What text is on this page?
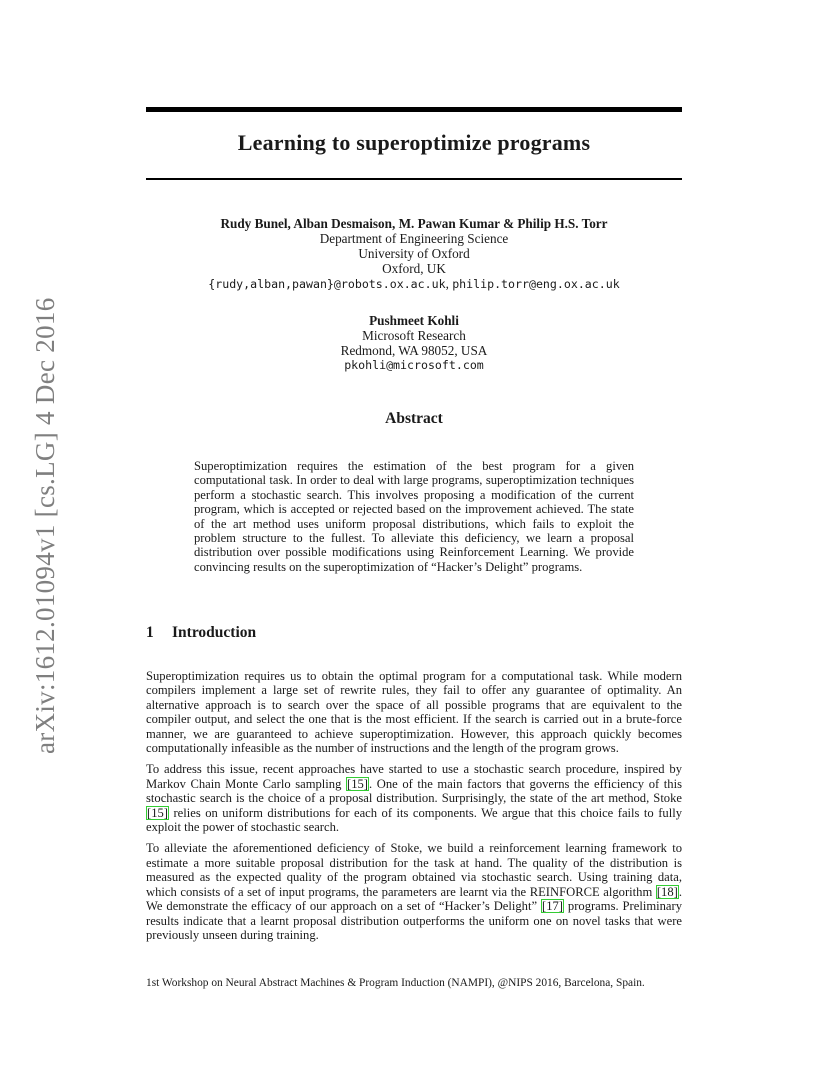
arXiv:1612.01094v1 [cs.LG] 4 Dec 2016
Learning to superoptimize programs
Rudy Bunel, Alban Desmaison, M. Pawan Kumar & Philip H.S. Torr
Department of Engineering Science
University of Oxford
Oxford, UK
{rudy,alban,pawan}@robots.ox.ac.uk, philip.torr@eng.ox.ac.uk
Pushmeet Kohli
Microsoft Research
Redmond, WA 98052, USA
pkohli@microsoft.com
Abstract
Superoptimization requires the estimation of the best program for a given computational task. In order to deal with large programs, superoptimization techniques perform a stochastic search. This involves proposing a modification of the current program, which is accepted or rejected based on the improvement achieved. The state of the art method uses uniform proposal distributions, which fails to exploit the problem structure to the fullest. To alleviate this deficiency, we learn a proposal distribution over possible modifications using Reinforcement Learning. We provide convincing results on the superoptimization of “Hacker’s Delight” programs.
1 Introduction

Superoptimization requires us to obtain the optimal program for a computational task. While modern compilers implement a large set of rewrite rules, they fail to offer any guarantee of optimality. An alternative approach is to search over the space of all possible programs that are equivalent to the compiler output, and select the one that is the most efficient. If the search is carried out in a brute-force manner, we are guaranteed to achieve superoptimization. However, this approach quickly becomes computationally infeasible as the number of instructions and the length of the program grows.

To address this issue, recent approaches have started to use a stochastic search procedure, inspired by Markov Chain Monte Carlo sampling [15]. One of the main factors that governs the efficiency of this stochastic search is the choice of a proposal distribution. Surprisingly, the state of the art method, Stoke [15] relies on uniform distributions for each of its components. We argue that this choice fails to fully exploit the power of stochastic search.

To alleviate the aforementioned deficiency of Stoke, we build a reinforcement learning framework to estimate a more suitable proposal distribution for the task at hand. The quality of the distribution is measured as the expected quality of the program obtained via stochastic search. Using training data, which consists of a set of input programs, the parameters are learnt via the REINFORCE algorithm [18]. We demonstrate the efficacy of our approach on a set of “Hacker’s Delight” [17] programs. Preliminary results indicate that a learnt proposal distribution outperforms the uniform one on novel tasks that were previously unseen during training.

1st Workshop on Neural Abstract Machines & Program Induction (NAMPI), @NIPS 2016, Barcelona, Spain.
